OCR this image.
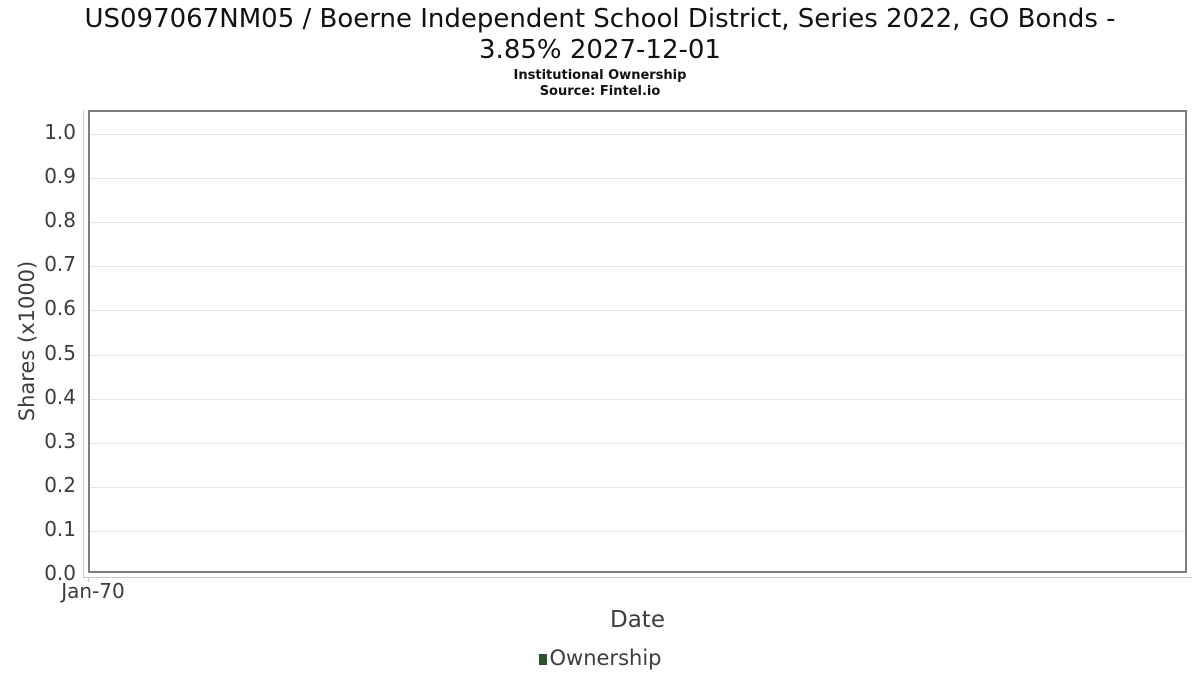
US097067NM05 / Boerne Independent School District, Series 2022, GO Bonds -
3.85% 2027-12-01
Institutional Ownership
Source: Fintel.io
Shares (x1000)
0.0
0.1
0.2
0.3
0.4
0.5
0.6
0.7
0.8
0.9
1.0
Jan-70
Date
Ownership
